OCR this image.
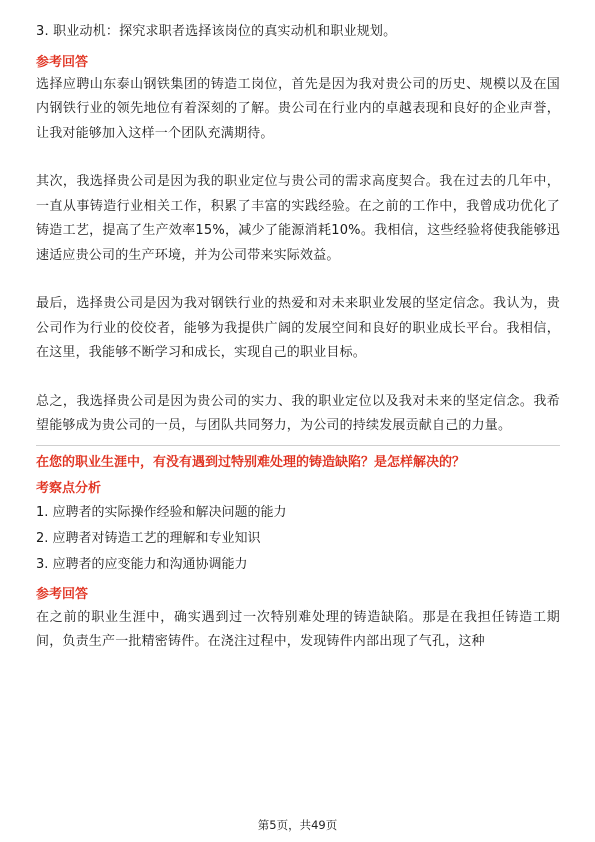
3. 职业动机：探究求职者选择该岗位的真实动机和职业规划。

参考回答

选择应聘山东泰山钢铁集团的铸造工岗位，首先是因为我对贵公司的历史、规模以及在国内钢铁行业的领先地位有着深刻的了解。贵公司在行业内的卓越表现和良好的企业声誉，让我对能够加入这样一个团队充满期待。

其次，我选择贵公司是因为我的职业定位与贵公司的需求高度契合。我在过去的几年中，一直从事铸造行业相关工作，积累了丰富的实践经验。在之前的工作中，我曾成功优化了铸造工艺，提高了生产效率15%，减少了能源消耗10%。我相信，这些经验将使我能够迅速适应贵公司的生产环境，并为公司带来实际效益。

最后，选择贵公司是因为我对钢铁行业的热爱和对未来职业发展的坚定信念。我认为，贵公司作为行业的佼佼者，能够为我提供广阔的发展空间和良好的职业成长平台。我相信，在这里，我能够不断学习和成长，实现自己的职业目标。

总之，我选择贵公司是因为贵公司的实力、我的职业定位以及我对未来的坚定信念。我希望能够成为贵公司的一员，与团队共同努力，为公司的持续发展贡献自己的力量。

在您的职业生涯中，有没有遇到过特别难处理的铸造缺陷？是怎样解决的？

考察点分析

1. 应聘者的实际操作经验和解决问题的能力

2. 应聘者对铸造工艺的理解和专业知识

3. 应聘者的应变能力和沟通协调能力

参考回答

在之前的职业生涯中，确实遇到过一次特别难处理的铸造缺陷。那是在我担任铸造工期间，负责生产一批精密铸件。在浇注过程中，发现铸件内部出现了气孔，这种

第5页，共49页
